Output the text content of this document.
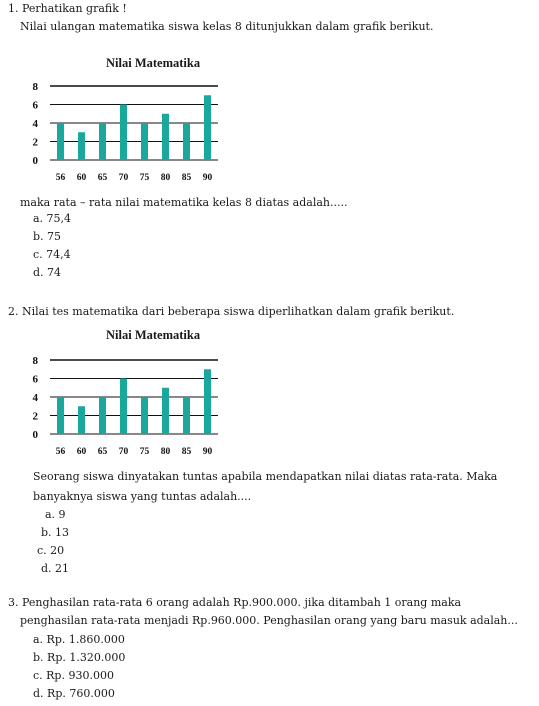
1. Perhatikan grafik !
Nilai ulangan matematika siswa kelas 8 ditunjukkan dalam grafik berikut.
Nilai Matematika
0
2
4
6
8
56 60 65 70 75 80 85 90
maka rata – rata nilai matematika kelas 8 diatas adalah.....
a. 75,4
b. 75
c. 74,4
d. 74
2. Nilai tes matematika dari beberapa siswa diperlihatkan dalam grafik berikut.
Nilai Matematika
0
2
4
6
8
56 60 65 70 75 80 85 90
Seorang siswa dinyatakan tuntas apabila mendapatkan nilai diatas rata-rata. Maka
banyaknya siswa yang tuntas adalah....
a. 9
b. 13
c. 20
d. 21
3. Penghasilan rata-rata 6 orang adalah Rp.900.000. jika ditambah 1 orang maka
penghasilan rata-rata menjadi Rp.960.000. Penghasilan orang yang baru masuk adalah...
a. Rp. 1.860.000
b. Rp. 1.320.000
c. Rp. 930.000
d. Rp. 760.000
